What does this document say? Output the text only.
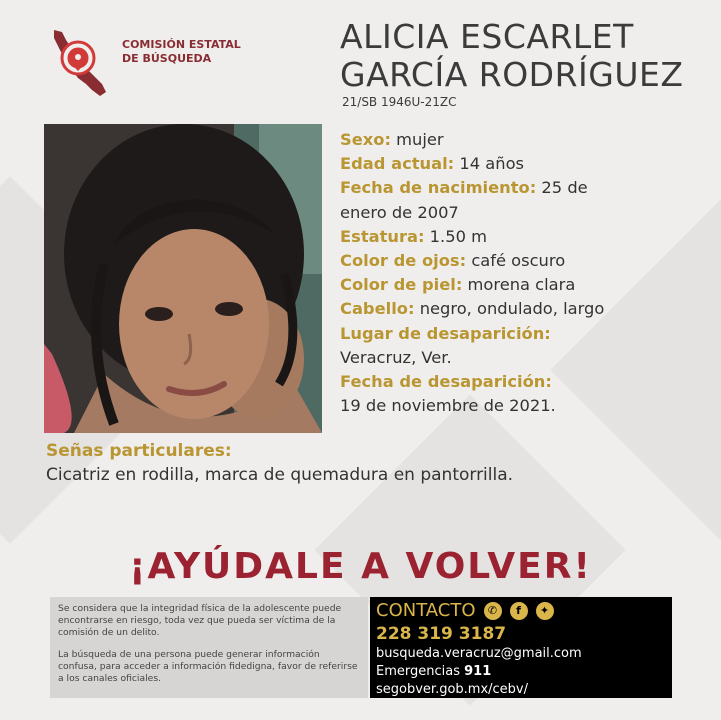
COMISIÓN ESTATAL
DE BÚSQUEDA
ALICIA ESCARLET
GARCÍA RODRÍGUEZ
21/SB 1946U-21ZC
Sexo: mujer
Edad actual: 14 años
Fecha de nacimiento: 25 de
enero de 2007
Estatura: 1.50 m
Color de ojos: café oscuro
Color de piel: morena clara
Cabello: negro, ondulado, largo
Lugar de desaparición:
Veracruz, Ver.
Fecha de desaparición:
19 de noviembre de 2021.
Señas particulares:
Cicatriz en rodilla, marca de quemadura en pantorrilla.
¡AYÚDALE A VOLVER!

Se considera que la integridad física de la adolescente puede encontrarse en riesgo, toda vez que pueda ser víctima de la comisión de un delito.

La búsqueda de una persona puede generar información confusa, para acceder a información fidedigna, favor de referirse a los canales oficiales.

CONTACTO	✆	f	✦
228 319 3187
busqueda.veracruz@gmail.com
Emergencias 911
segobver.gob.mx/cebv/
